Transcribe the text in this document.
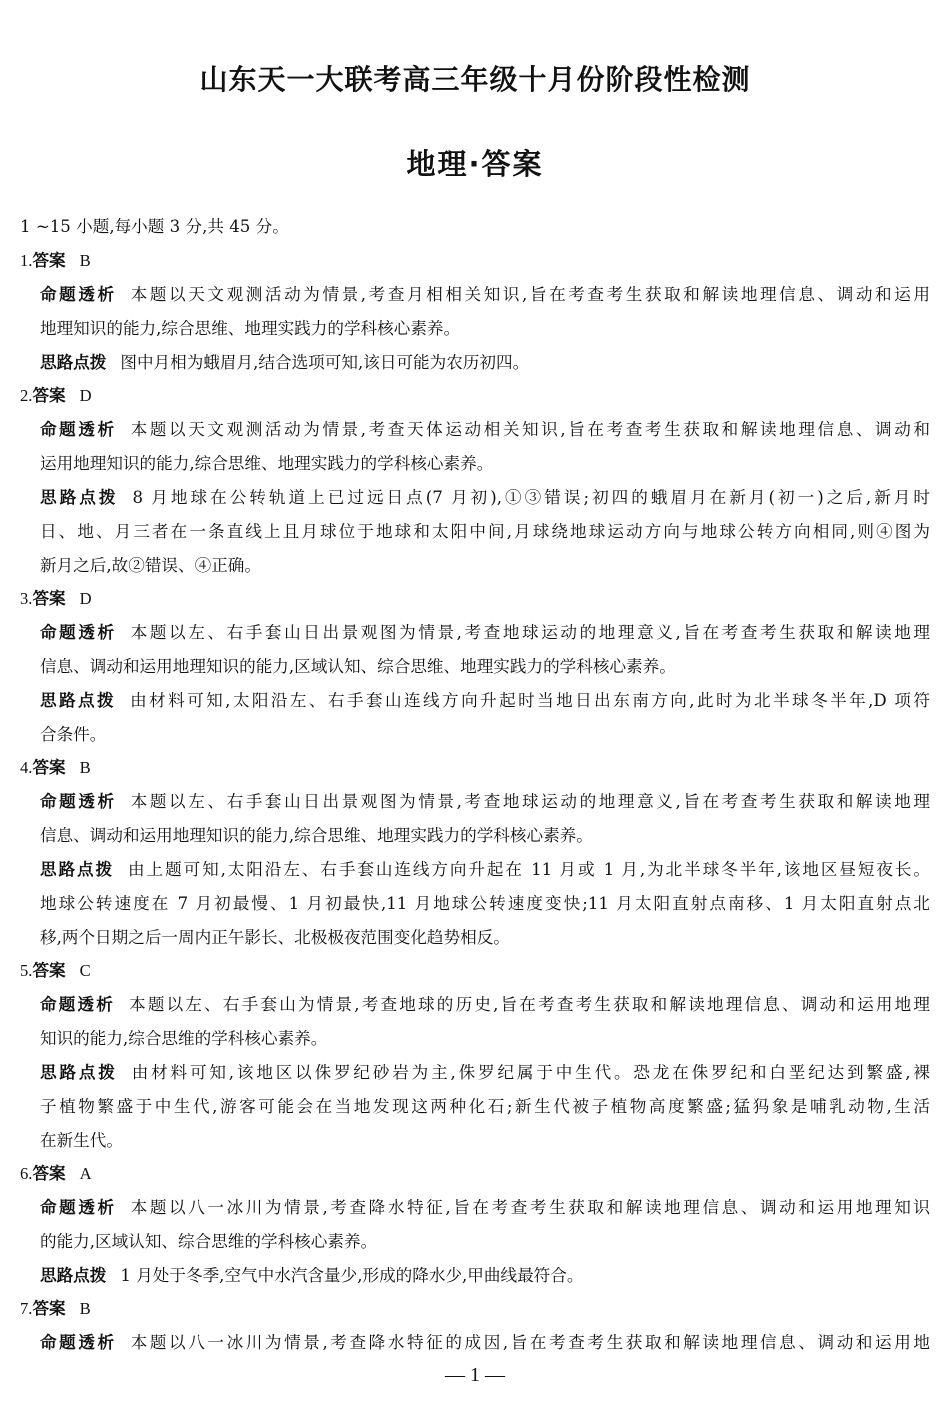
山东天一大联考高三年级十月份阶段性检测
地理·答案
1 ~15 小题,每小题 3 分,共 45 分。
1.答案 B
命题透析 本题以天文观测活动为情景,考查月相相关知识,旨在考查考生获取和解读地理信息、调动和运用
地理知识的能力,综合思维、地理实践力的学科核心素养。
思路点拨 图中月相为蛾眉月,结合选项可知,该日可能为农历初四。
2.答案 D
命题透析 本题以天文观测活动为情景,考查天体运动相关知识,旨在考查考生获取和解读地理信息、调动和
运用地理知识的能力,综合思维、地理实践力的学科核心素养。
思路点拨 8 月地球在公转轨道上已过远日点(7 月初),①③错误;初四的蛾眉月在新月(初一)之后,新月时
日、地、月三者在一条直线上且月球位于地球和太阳中间,月球绕地球运动方向与地球公转方向相同,则④图为
新月之后,故②错误、④正确。
3.答案 D
命题透析 本题以左、右手套山日出景观图为情景,考查地球运动的地理意义,旨在考查考生获取和解读地理
信息、调动和运用地理知识的能力,区域认知、综合思维、地理实践力的学科核心素养。
思路点拨 由材料可知,太阳沿左、右手套山连线方向升起时当地日出东南方向,此时为北半球冬半年,D 项符
合条件。
4.答案 B
命题透析 本题以左、右手套山日出景观图为情景,考查地球运动的地理意义,旨在考查考生获取和解读地理
信息、调动和运用地理知识的能力,综合思维、地理实践力的学科核心素养。
思路点拨 由上题可知,太阳沿左、右手套山连线方向升起在 11 月或 1 月,为北半球冬半年,该地区昼短夜长。
地球公转速度在 7 月初最慢、1 月初最快,11 月地球公转速度变快;11 月太阳直射点南移、1 月太阳直射点北
移,两个日期之后一周内正午影长、北极极夜范围变化趋势相反。
5.答案 C
命题透析 本题以左、右手套山为情景,考查地球的历史,旨在考查考生获取和解读地理信息、调动和运用地理
知识的能力,综合思维的学科核心素养。
思路点拨 由材料可知,该地区以侏罗纪砂岩为主,侏罗纪属于中生代。恐龙在侏罗纪和白垩纪达到繁盛,裸
子植物繁盛于中生代,游客可能会在当地发现这两种化石;新生代被子植物高度繁盛;猛犸象是哺乳动物,生活
在新生代。
6.答案 A
命题透析 本题以八一冰川为情景,考查降水特征,旨在考查考生获取和解读地理信息、调动和运用地理知识
的能力,区域认知、综合思维的学科核心素养。
思路点拨 1 月处于冬季,空气中水汽含量少,形成的降水少,甲曲线最符合。
7.答案 B
命题透析 本题以八一冰川为情景,考查降水特征的成因,旨在考查考生获取和解读地理信息、调动和运用地
— 1 —
